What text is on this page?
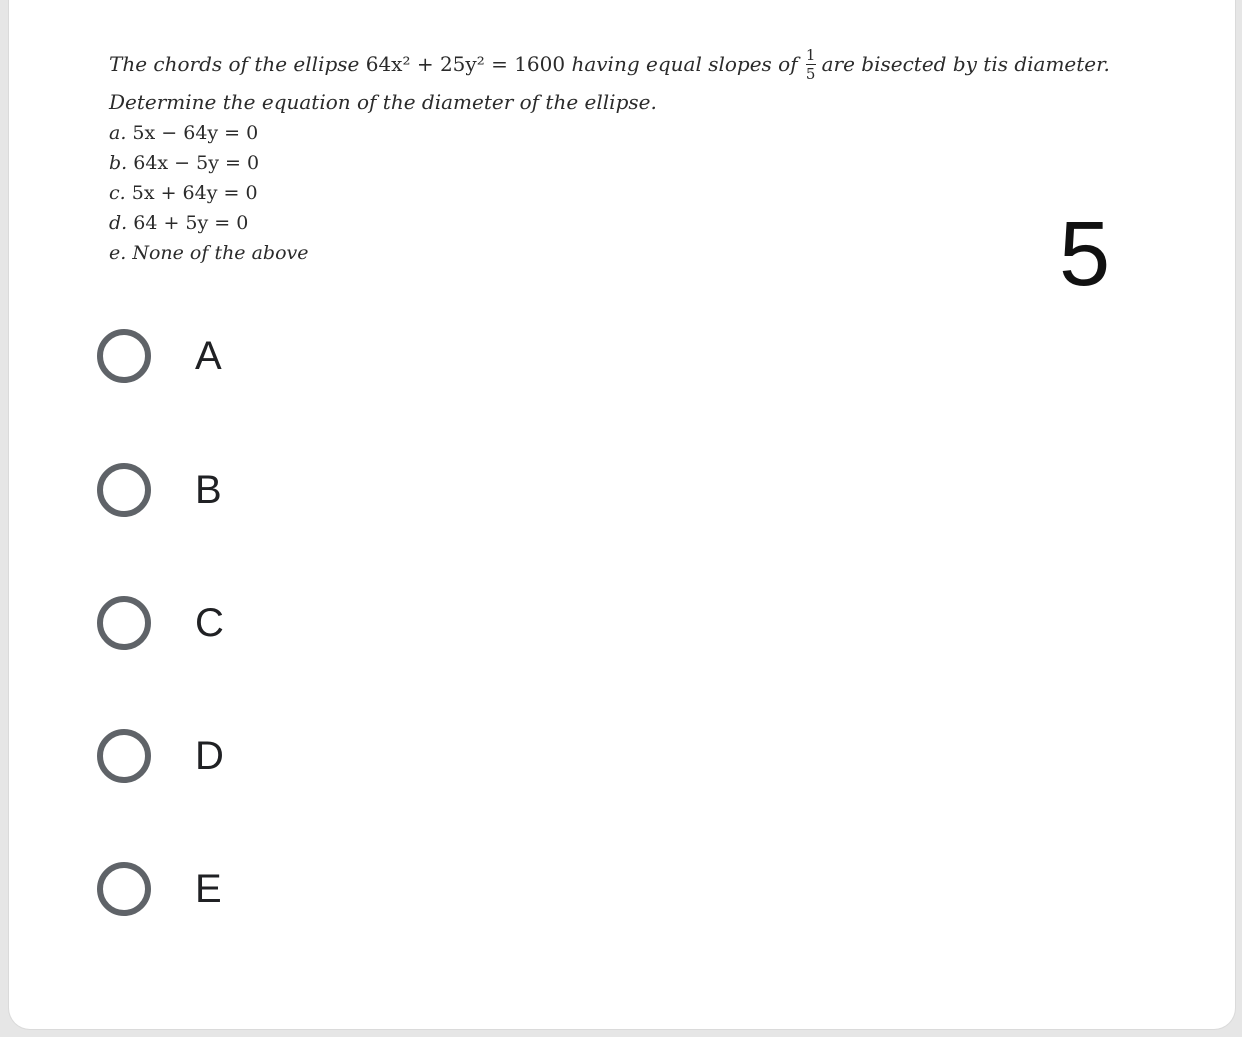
The chords of the ellipse
64x² + 25y² = 1600
having equal slopes of $\frac{1}{5}$ are bisected by tis diameter.
Determine the equation of the diameter of the ellipse.
a. 5x − 64y = 0
b. 64x − 5y = 0
c. 5x + 64y = 0
d. 64 + 5y = 0
e. None of the above	5
A
B
C
D
E
